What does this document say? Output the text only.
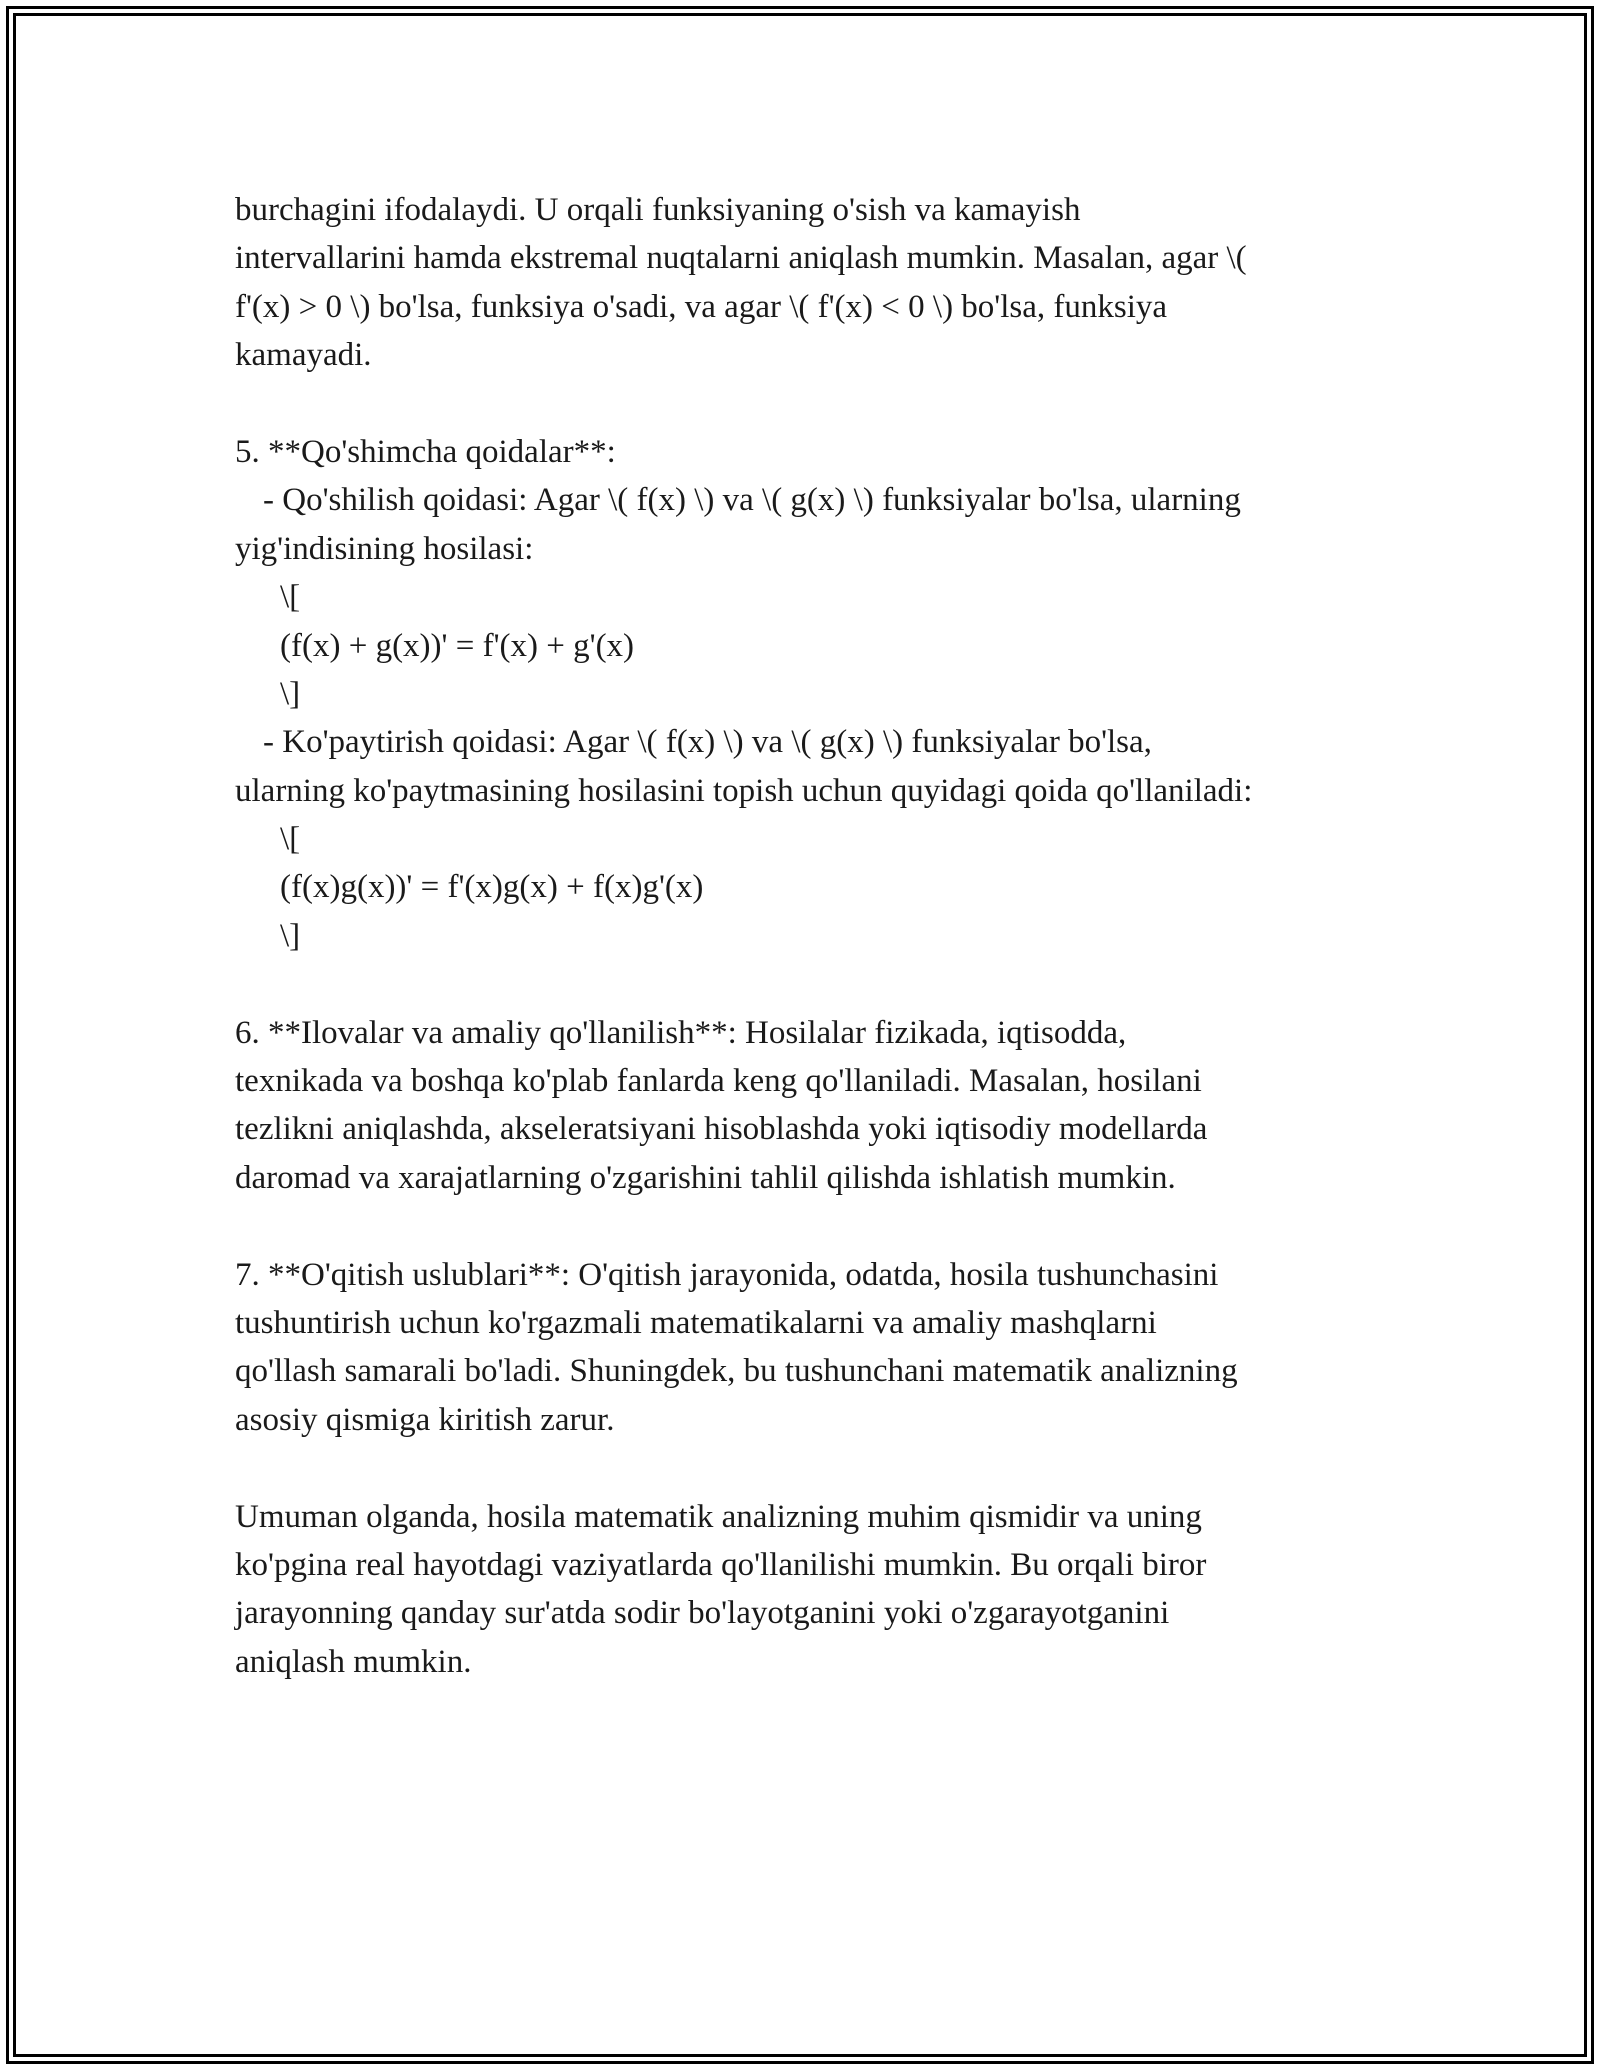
burchagini ifodalaydi. U orqali funksiyaning o'sish va kamayish
intervallarini hamda ekstremal nuqtalarni aniqlash mumkin. Masalan, agar \(
f'(x) > 0 \) bo'lsa, funksiya o'sadi, va agar \( f'(x) < 0 \) bo'lsa, funksiya
kamayadi.
5. **Qo'shimcha qoidalar**:
- Qo'shilish qoidasi: Agar \( f(x) \) va \( g(x) \) funksiyalar bo'lsa, ularning
yig'indisining hosilasi:
\[
(f(x) + g(x))' = f'(x) + g'(x)
\]
- Ko'paytirish qoidasi: Agar \( f(x) \) va \( g(x) \) funksiyalar bo'lsa,
ularning ko'paytmasining hosilasini topish uchun quyidagi qoida qo'llaniladi:
\[
(f(x)g(x))' = f'(x)g(x) + f(x)g'(x)
\]
6. **Ilovalar va amaliy qo'llanilish**: Hosilalar fizikada, iqtisodda,
texnikada va boshqa ko'plab fanlarda keng qo'llaniladi. Masalan, hosilani
tezlikni aniqlashda, akseleratsiyani hisoblashda yoki iqtisodiy modellarda
daromad va xarajatlarning o'zgarishini tahlil qilishda ishlatish mumkin.
7. **O'qitish uslublari**: O'qitish jarayonida, odatda, hosila tushunchasini
tushuntirish uchun ko'rgazmali matematikalarni va amaliy mashqlarni
qo'llash samarali bo'ladi. Shuningdek, bu tushunchani matematik analizning
asosiy qismiga kiritish zarur.
Umuman olganda, hosila matematik analizning muhim qismidir va uning
ko'pgina real hayotdagi vaziyatlarda qo'llanilishi mumkin. Bu orqali biror
jarayonning qanday sur'atda sodir bo'layotganini yoki o'zgarayotganini
aniqlash mumkin.
